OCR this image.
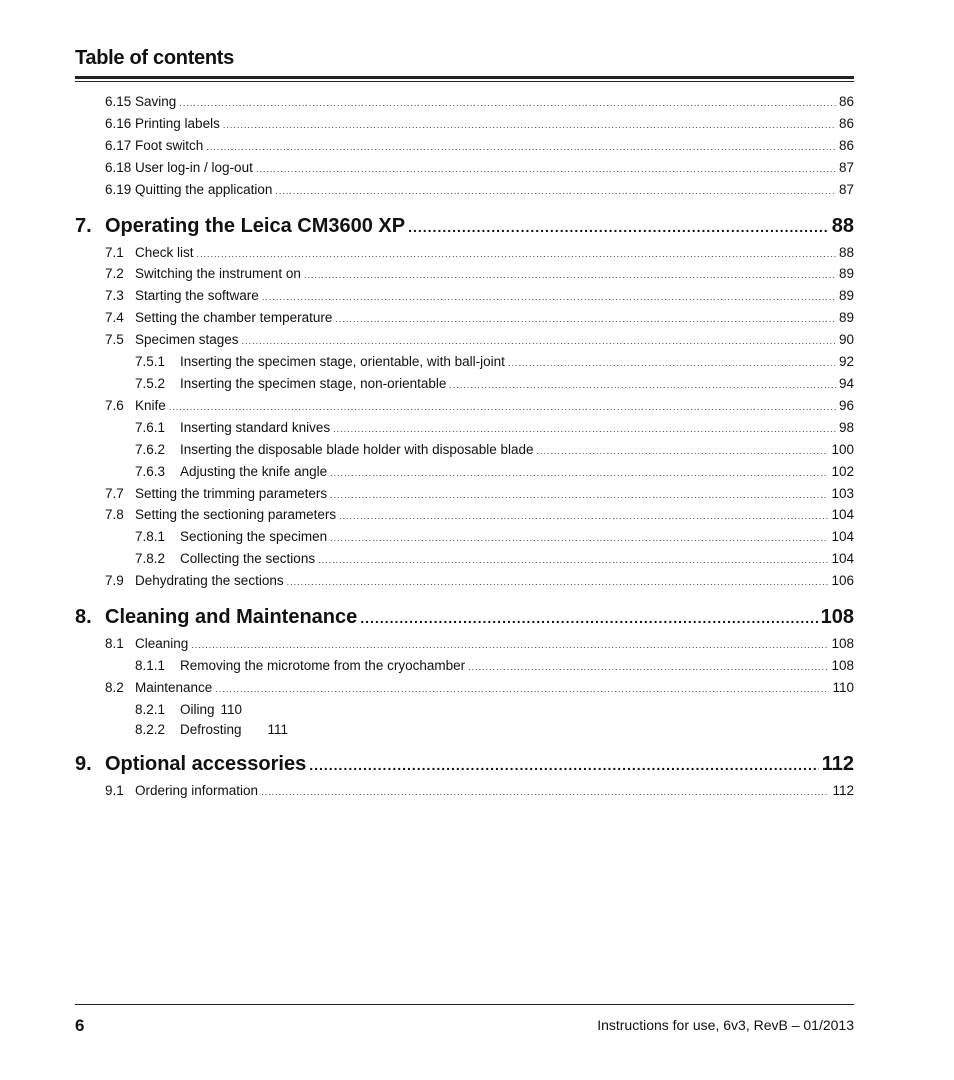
Table of contents
6.15 Saving .....	86
6.16 Printing labels .....	86
6.17 Foot switch .....	86
6.18 User log-in / log-out .....	87
6.19 Quitting the application .....	87
7. Operating the Leica CM3600 XP .....	88
7.1 Check list .....	88
7.2 Switching the instrument on .....	89
7.3 Starting the software .....	89
7.4 Setting the chamber temperature .....	89
7.5 Specimen stages .....	90
7.5.1	Inserting the specimen stage, orientable, with ball-joint .....	92
7.5.2	Inserting the specimen stage, non-orientable .....	94
7.6 Knife .....	96
7.6.1	Inserting standard knives .....	98
7.6.2	Inserting the disposable blade holder with disposable blade .....	100
7.6.3	Adjusting the knife angle .....	102
7.7 Setting the trimming parameters .....	103
7.8 Setting the sectioning parameters .....	104
7.8.1	Sectioning the specimen .....	104
7.8.2	Collecting the sections .....	104
7.9 Dehydrating the sections .....	106
8. Cleaning and Maintenance .....	108
8.1 Cleaning .....	108
8.1.1	Removing the microtome from the cryochamber .....	108
8.2 Maintenance .....	110
8.2.1	Oiling 110
8.2.2	Defrosting 111
9. Optional accessories .....	112
9.1 Ordering information .....	112
6	Instructions for use, 6v3, RevB – 01/2013
